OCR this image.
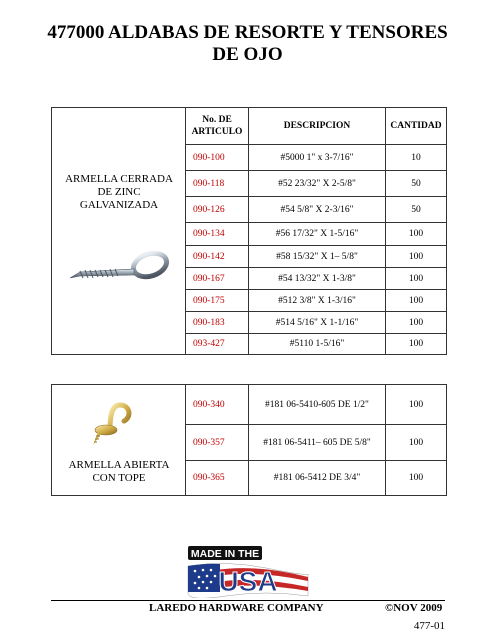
477000 ALDABAS DE RESORTE Y TENSORES
DE OJO
ARMELLA CERRADA
DE ZINC
GALVANIZADA
No. DE
ARTICULO
DESCRIPCION	CANTIDAD
090-100	#5000 1" x 3-7/16"	10
090-118	#52 23/32" X 2-5/8"	50
090-126	#54 5/8" X 2-3/16"	50
090-134	#56 17/32" X 1-5/16"	100
090-142	#58 15/32" X 1– 5/8"	100
090-167	#54 13/32" X 1-3/8"	100
090-175	#512 3/8" X 1-3/16"	100
090-183	#514 5/16" X 1-1/16"	100
093-427	#5110 1-5/16"	100
ARMELLA ABIERTA
CON TOPE
090-340	#181 06-5410-605 DE 1/2"	100
090-357	#181 06-5411– 605 DE 5/8"	100
090-365	#181 06-5412 DE 3/4"	100
MADE IN THE
USA
LAREDO HARDWARE COMPANY	©NOV 2009
477-01
